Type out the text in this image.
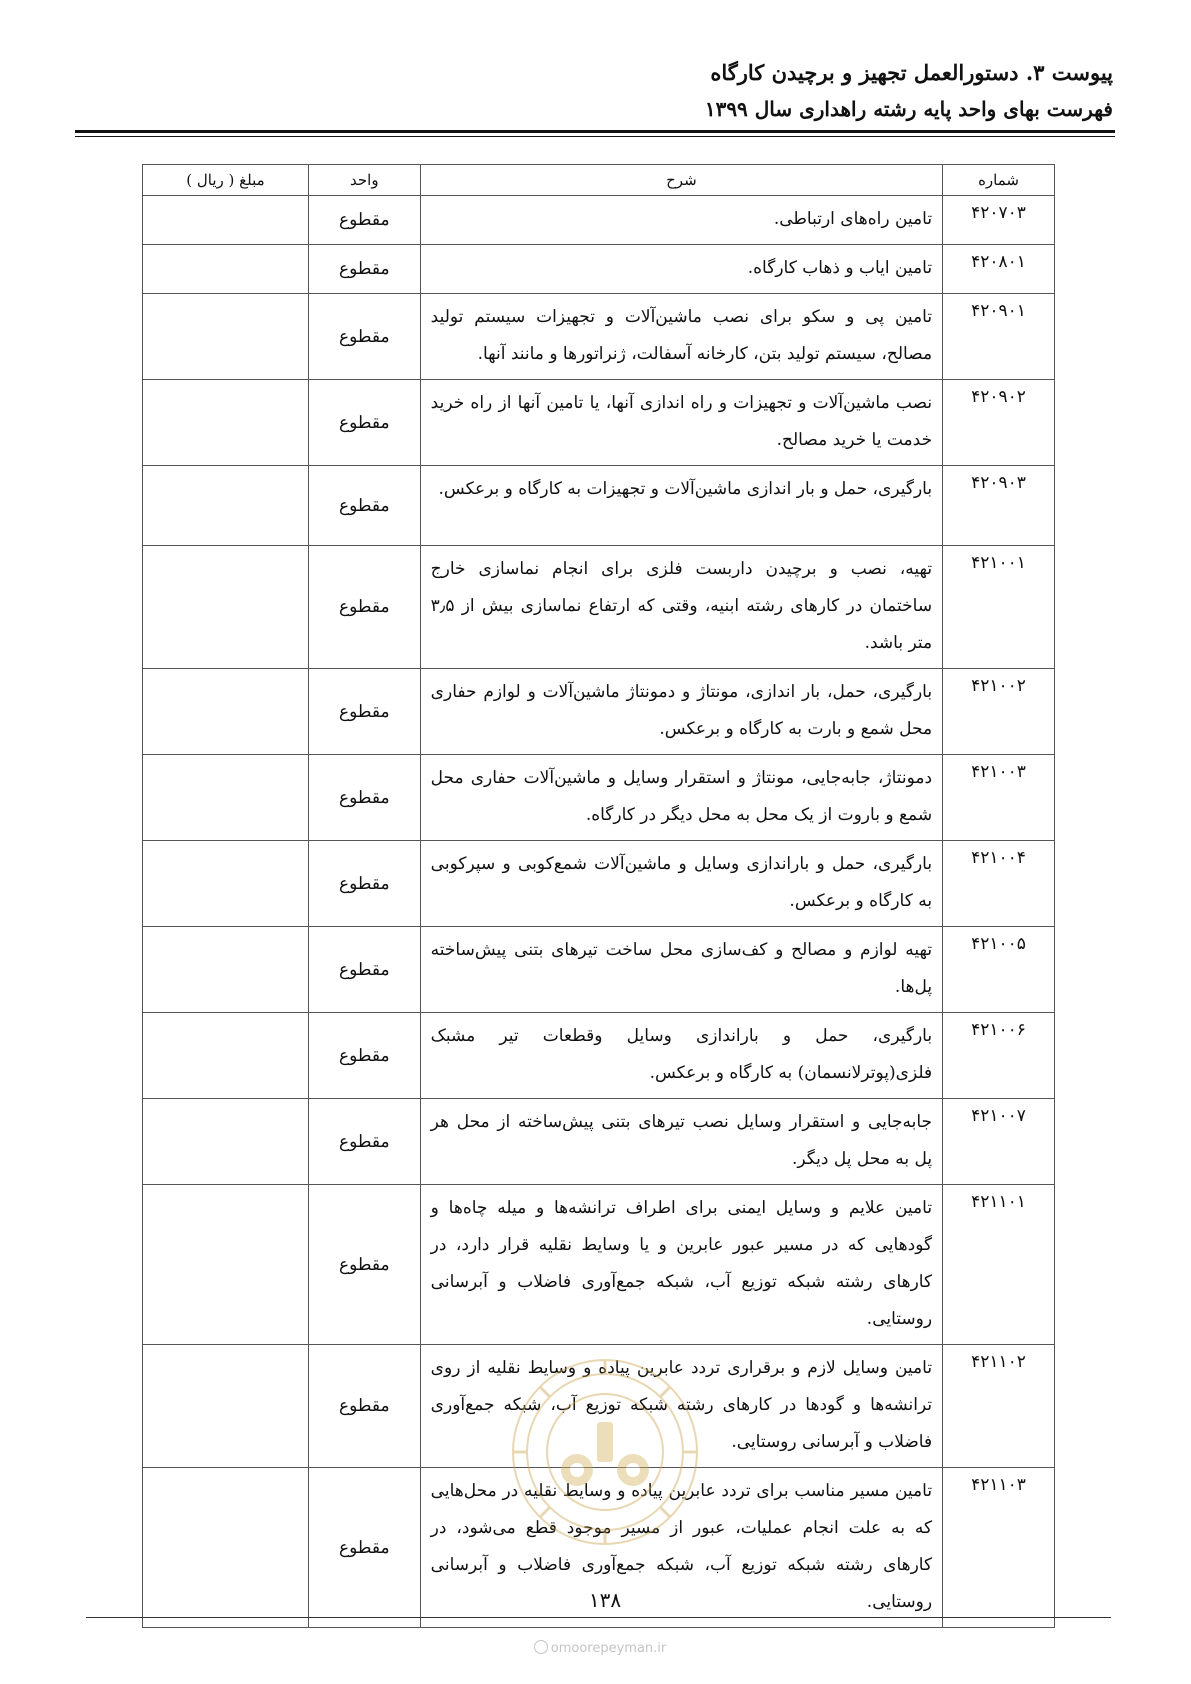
پیوست ۳. دستورالعمل تجهیز و برچیدن کارگاه
فهرست بهای واحد پایه رشته راهداری سال ۱۳۹۹
شماره	شرح	واحد	مبلغ ( ریال )
۴۲۰۷۰۳	تامین راه‌های ارتباطی.	مقطوع	
۴۲۰۸۰۱	تامین ایاب و ذهاب کارگاه.	مقطوع	
۴۲۰۹۰۱	تامین پی و سکو برای نصب ماشین‌آلات و تجهیزات سیستم تولید مصالح، سیستم تولید بتن، کارخانه آسفالت، ژنراتورها و مانند آنها.	مقطوع	
۴۲۰۹۰۲	نصب ماشین‌آلات و تجهیزات و راه اندازی آنها، یا تامین آنها از راه خرید خدمت یا خرید مصالح.	مقطوع	
۴۲۰۹۰۳	بارگیری، حمل و بار اندازی ماشین‌آلات و تجهیزات به کارگاه و برعکس.	مقطوع	
۴۲۱۰۰۱	تهیه، نصب و برچیدن داربست فلزی برای انجام نماسازی خارج ساختمان در کارهای رشته ابنیه، وقتی که ارتفاع نماسازی بیش از ۳٫۵ متر باشد.	مقطوع	
۴۲۱۰۰۲	بارگیری، حمل، بار اندازی، مونتاژ و دمونتاژ ماشین‌آلات و لوازم حفاری محل شمع و بارت به کارگاه و برعکس.	مقطوع	
۴۲۱۰۰۳	دمونتاژ، جابه‌جایی، مونتاژ و استقرار وسایل و ماشین‌آلات حفاری محل شمع و باروت از یک محل به محل دیگر در کارگاه.	مقطوع	
۴۲۱۰۰۴	بارگیری، حمل و باراندازی وسایل و ماشین‌آلات شمع‌کوبی و سپرکوبی به کارگاه و برعکس.	مقطوع	
۴۲۱۰۰۵	تهیه لوازم و مصالح و کف‌سازی محل ساخت تیرهای بتنی پیش‌ساخته پل‌ها.	مقطوع	
۴۲۱۰۰۶	بارگیری، حمل و باراندازی وسایل وقطعات تیر مشبک فلزی(پوترلانسمان) به کارگاه و برعکس.	مقطوع	
۴۲۱۰۰۷	جابه‌جایی و استقرار وسایل نصب تیرهای بتنی پیش‌ساخته از محل هر پل به محل پل دیگر.	مقطوع	
۴۲۱۱۰۱	تامین علایم و وسایل ایمنی برای اطراف ترانشه‌ها و میله چاه‌ها و گودهایی که در مسیر عبور عابرین و یا وسایط نقلیه قرار دارد، در کارهای رشته شبکه توزیع آب، شبکه جمع‌آوری فاضلاب و آبرسانی روستایی.	مقطوع	
۴۲۱۱۰۲	تامین وسایل لازم و برقراری تردد عابرین پیاده و وسایط نقلیه از روی ترانشه‌ها و گودها در کارهای رشته شبکه توزیع آب، شبکه جمع‌آوری فاضلاب و آبرسانی روستایی.	مقطوع	
۴۲۱۱۰۳	تامین مسیر مناسب برای تردد عابرین پیاده و وسایط نقلیه در محل‌هایی که به علت انجام عملیات، عبور از مسیر موجود قطع می‌شود، در کارهای رشته شبکه توزیع آب، شبکه جمع‌آوری فاضلاب و آبرسانی روستایی.	مقطوع	
۱۳۸
omoorepeyman.ir
